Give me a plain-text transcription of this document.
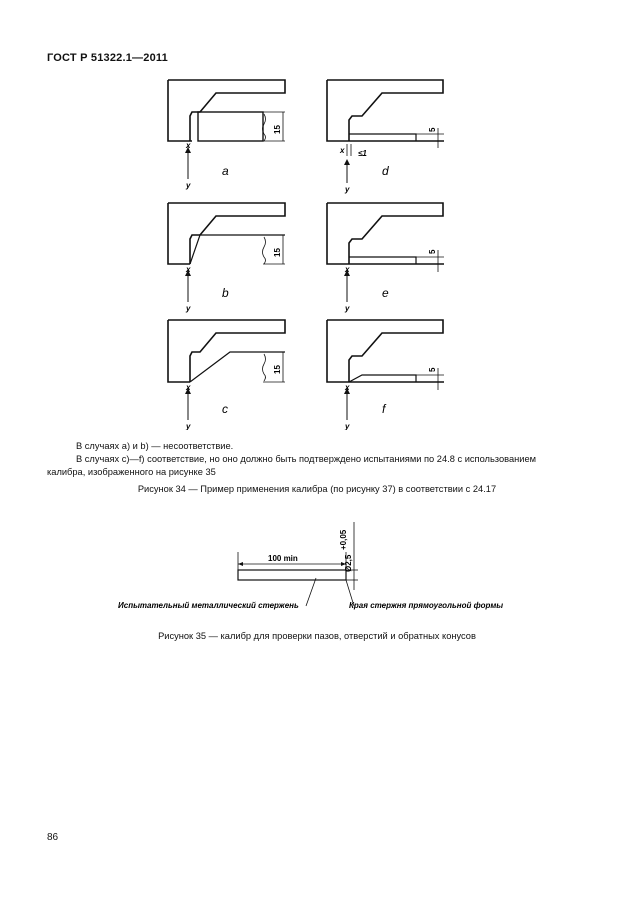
ГОСТ Р 51322.1—2011
15
x
y
a
15
x
y
b
15
x
y
c
5
≤1
x
y
d
5
x
y
e
5
x
y
f
В случаях а) и b) — несоответствие.
В случаях c)—f) соответствие, но оно должно быть подтверждено испытаниями по 24.8 с использованием
калибра, изображенного на рисунке 35
Рисунок 34 — Пример применения калибра (по рисунку 37) в соответствии с 24.17
100 min	Ø2,5
+0,05
Испытательный металлический стержень	Края стержня прямоугольной формы
Рисунок 35 — калибр для проверки пазов, отверстий и обратных конусов
86
